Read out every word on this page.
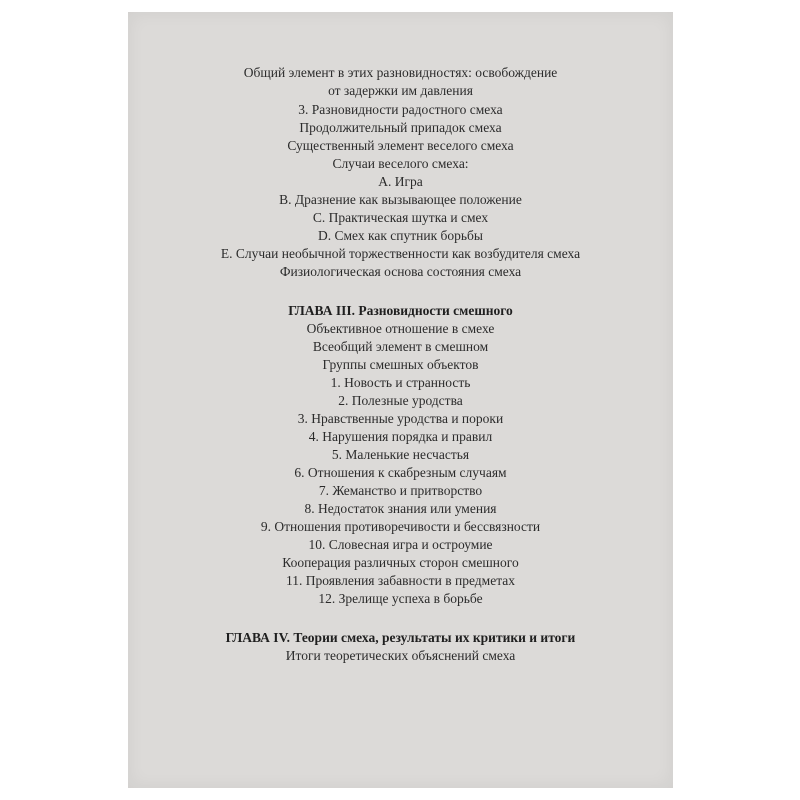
Общий элемент в этих разновидностях: освобождение
от задержки им давления
3. Разновидности радостного смеха
Продолжительный припадок смеха
Существенный элемент веселого смеха
Случаи веселого смеха:
A. Игра
B. Дразнение как вызывающее положение
C. Практическая шутка и смех
D. Смех как спутник борьбы
E. Случаи необычной торжественности как возбудителя смеха
Физиологическая основа состояния смеха
ГЛАВА III. Разновидности смешного
Объективное отношение в смехе
Всеобщий элемент в смешном
Группы смешных объектов
1. Новость и странность
2. Полезные уродства
3. Нравственные уродства и пороки
4. Нарушения порядка и правил
5. Маленькие несчастья
6. Отношения к скабрезным случаям
7. Жеманство и притворство
8. Недостаток знания или умения
9. Отношения противоречивости и бессвязности
10. Словесная игра и остроумие
Кооперация различных сторон смешного
11. Проявления забавности в предметах
12. Зрелище успеха в борьбе
ГЛАВА IV. Теории смеха, результаты их критики и итоги
Итоги теоретических объяснений смеха
